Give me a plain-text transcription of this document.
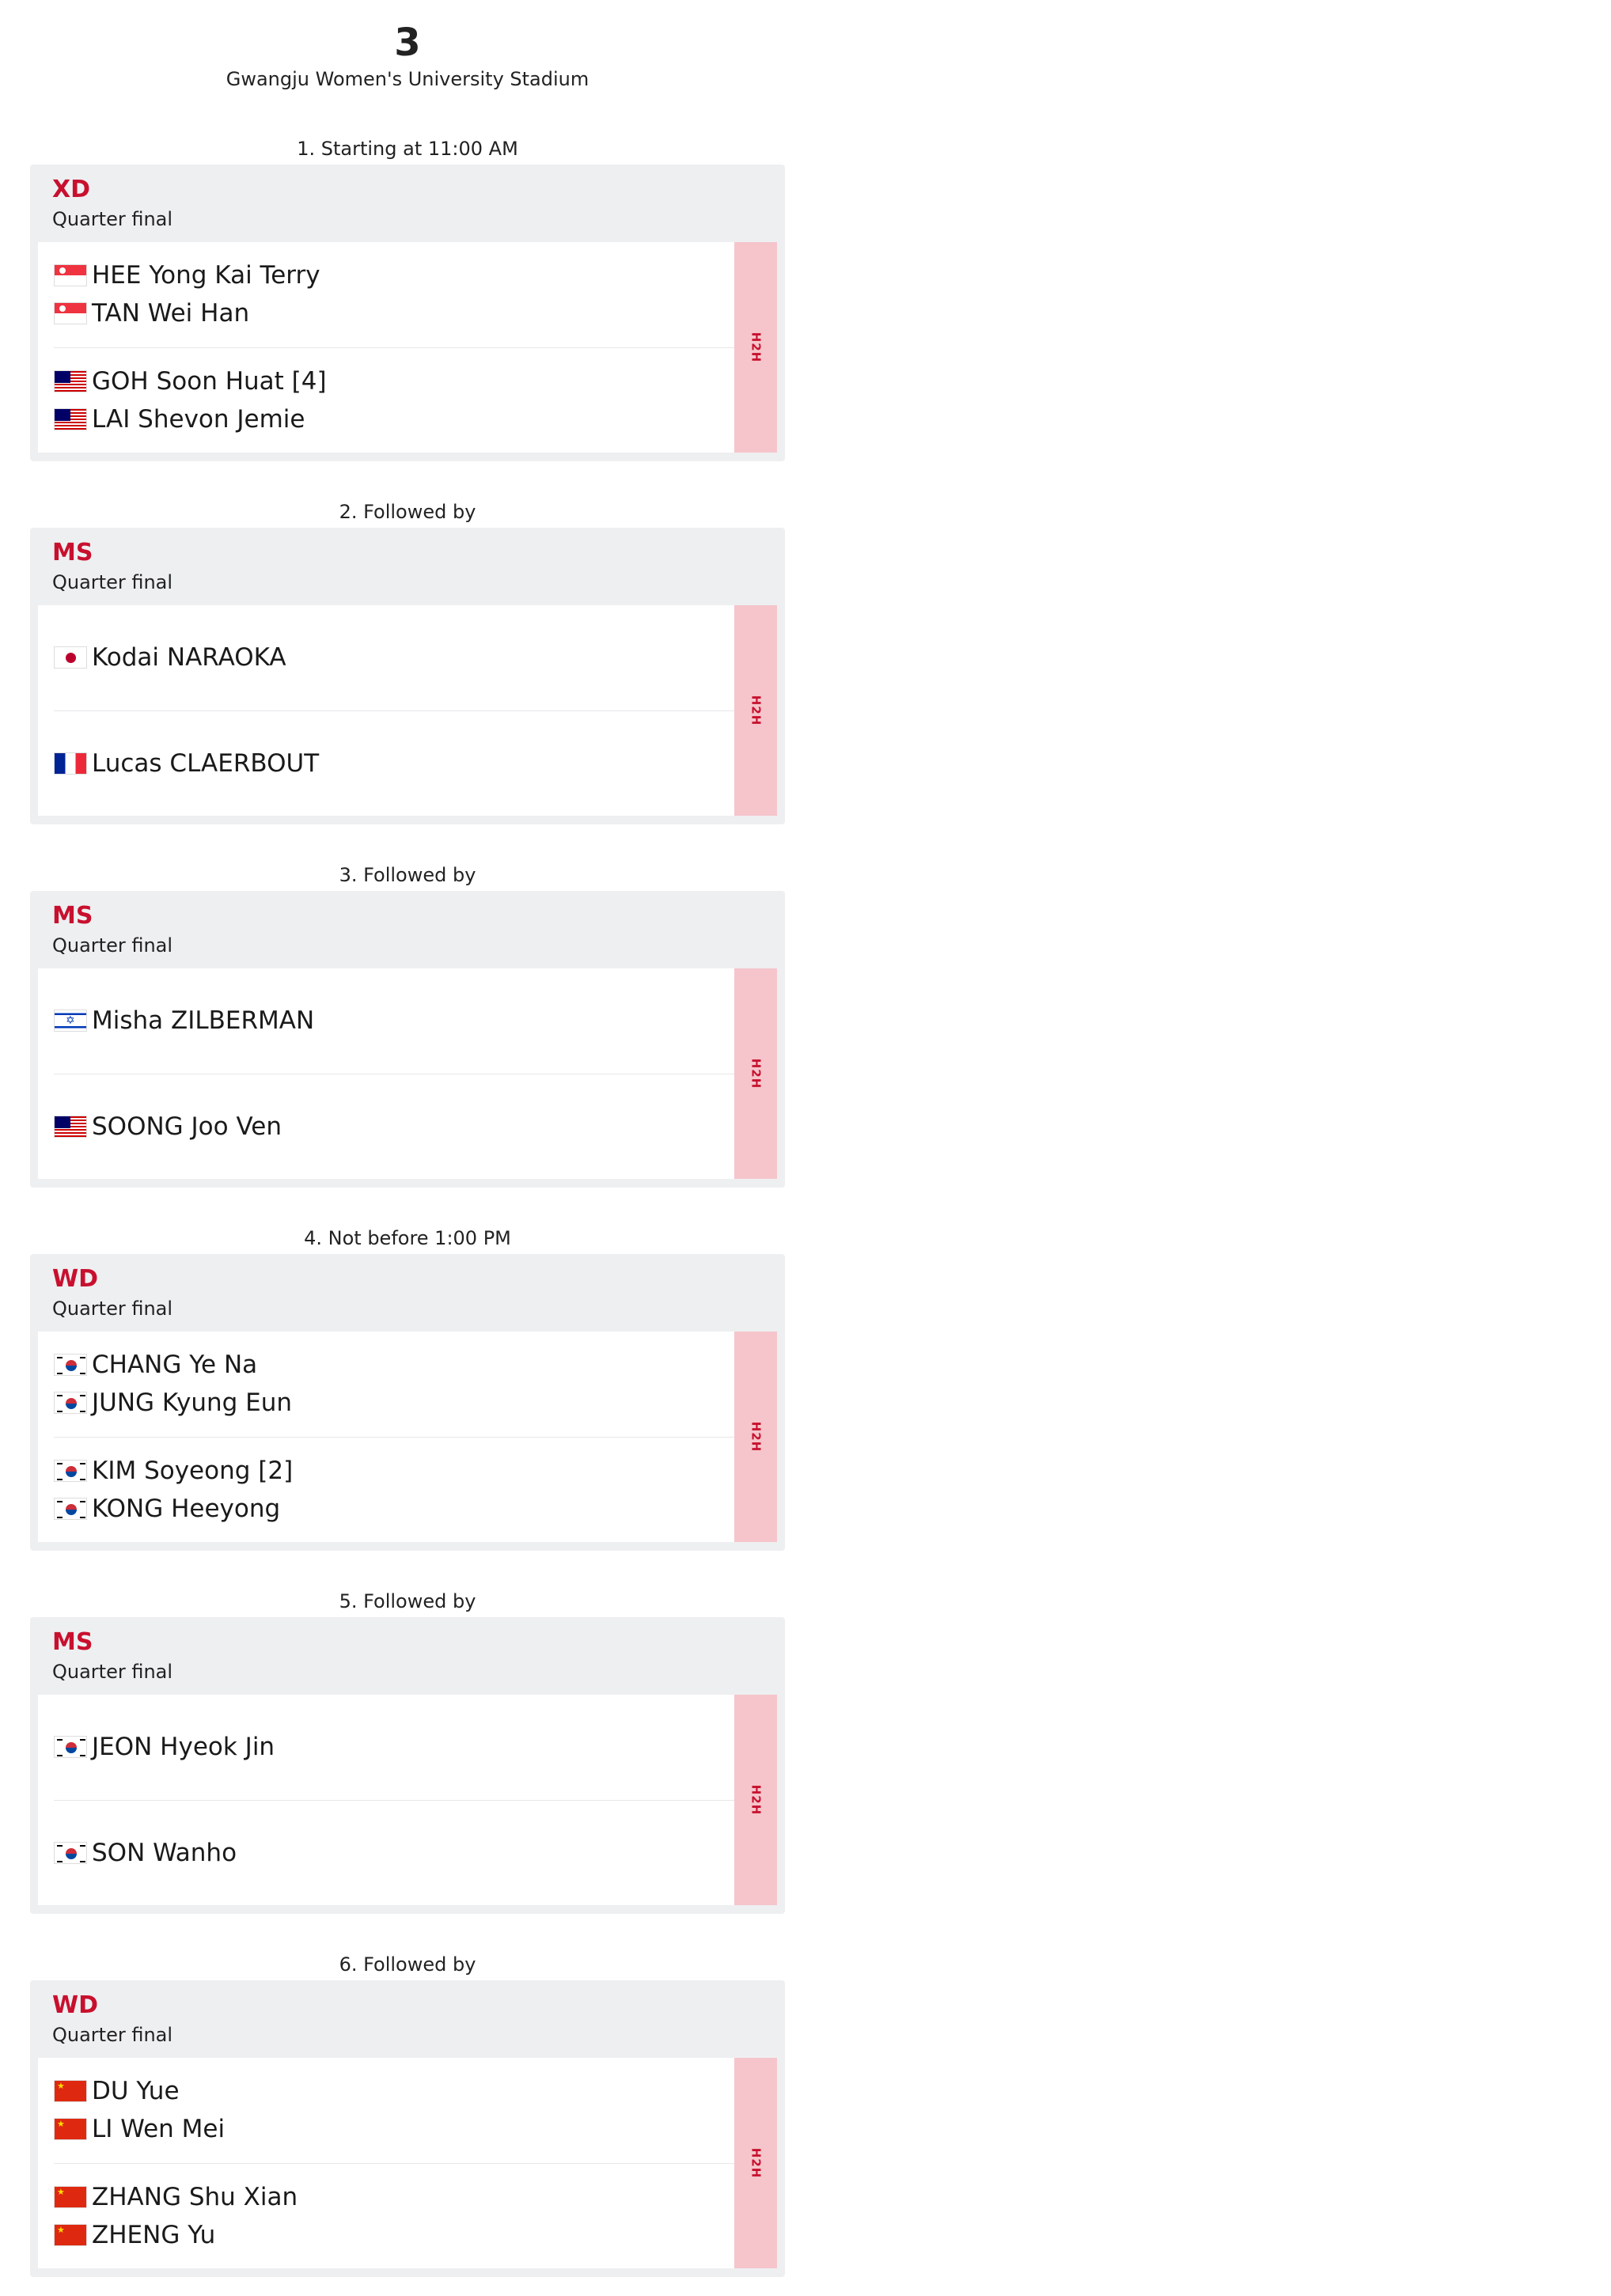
3
Gwangju Women's University Stadium
1. Starting at 11:00 AM
XD
Quarter final
HEE Yong Kai Terry
TAN Wei Han
GOH Soon Huat [4]
LAI Shevon Jemie
H2H
2. Followed by
MS
Quarter final
Kodai NARAOKA
Lucas CLAERBOUT
H2H
3. Followed by
MS
Quarter final
✡
Misha ZILBERMAN
SOONG Joo Ven
H2H
4. Not before 1:00 PM
WD
Quarter final
CHANG Ye Na
JUNG Kyung Eun
KIM Soyeong [2]
KONG Heeyong
H2H
5. Followed by
MS
Quarter final
JEON Hyeok Jin
SON Wanho
H2H
6. Followed by
WD
Quarter final
★
DU Yue
★
LI Wen Mei
★
ZHANG Shu Xian
★
ZHENG Yu
H2H
